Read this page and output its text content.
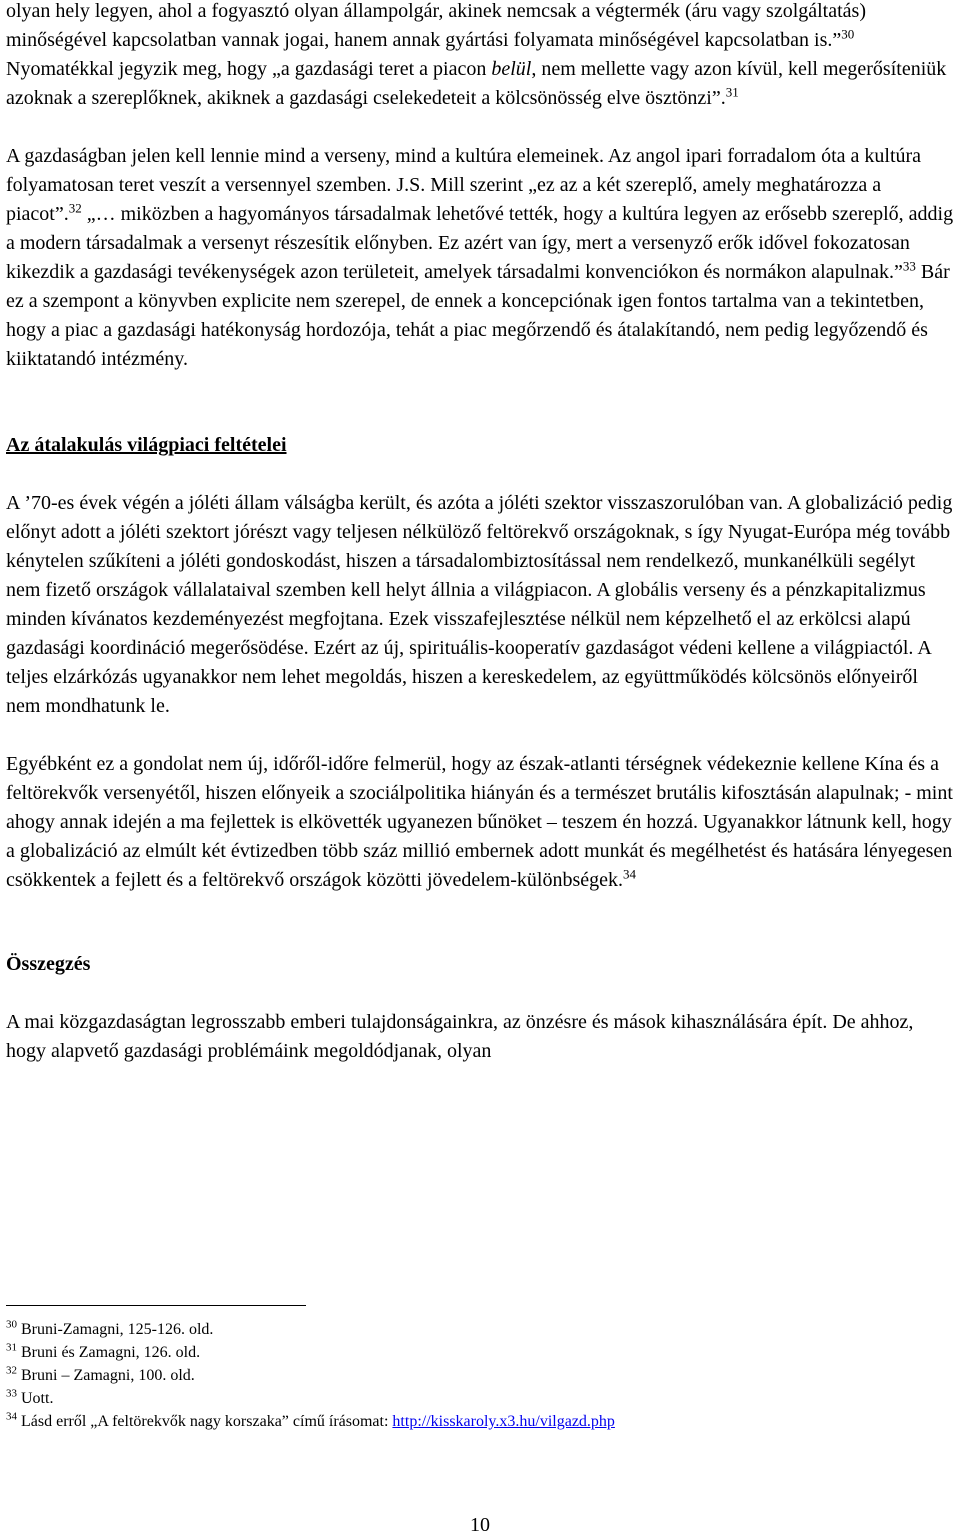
olyan hely legyen, ahol a fogyasztó olyan állampolgár, akinek nemcsak a végtermék (áru vagy szolgáltatás) minőségével kapcsolatban vannak jogai, hanem annak gyártási folyamata minőségével kapcsolatban is.”$^{30}$ Nyomatékkal jegyzik meg, hogy „a gazdasági teret a piacon belül, nem mellette vagy azon kívül, kell megerősíteniük azoknak a szereplőknek, akiknek a gazdasági cselekedeteit a kölcsönösség elve ösztönzi”.$^{31}$

A gazdaságban jelen kell lennie mind a verseny, mind a kultúra elemeinek. Az angol ipari forradalom óta a kultúra folyamatosan teret veszít a versennyel szemben. J.S. Mill szerint „ez az a két szereplő, amely meghatározza a piacot”.$^{32}$ „… miközben a hagyományos társadalmak lehetővé tették, hogy a kultúra legyen az erősebb szereplő, addig a modern társadalmak a versenyt részesítik előnyben. Ez azért van így, mert a versenyző erők idővel fokozatosan kikezdik a gazdasági tevékenységek azon területeit, amelyek társadalmi konvenciókon és normákon alapulnak.”$^{33}$ Bár ez a szempont a könyvben explicite nem szerepel, de ennek a koncepciónak igen fontos tartalma van a tekintetben, hogy a piac a gazdasági hatékonyság hordozója, tehát a piac megőrzendő és átalakítandó, nem pedig legyőzendő és kiiktatandó intézmény.

Az átalakulás világpiaci feltételei

A ’70-es évek végén a jóléti állam válságba került, és azóta a jóléti szektor visszaszorulóban van. A globalizáció pedig előnyt adott a jóléti szektort jórészt vagy teljesen nélkülöző feltörekvő országoknak, s így Nyugat-Európa még tovább kénytelen szűkíteni a jóléti gondoskodást, hiszen a társadalombiztosítással nem rendelkező, munkanélküli segélyt nem fizető országok vállalataival szemben kell helyt állnia a világpiacon. A globális verseny és a pénzkapitalizmus minden kívánatos kezdeményezést megfojtana. Ezek visszafejlesztése nélkül nem képzelhető el az erkölcsi alapú gazdasági koordináció megerősödése. Ezért az új, spirituális-kooperatív gazdaságot védeni kellene a világpiactól. A teljes elzárkózás ugyanakkor nem lehet megoldás, hiszen a kereskedelem, az együttműködés kölcsönös előnyeiről nem mondhatunk le.

Egyébként ez a gondolat nem új, időről-időre felmerül, hogy az észak-atlanti térségnek védekeznie kellene Kína és a feltörekvők versenyétől, hiszen előnyeik a szociálpolitika hiányán és a természet brutális kifosztásán alapulnak; - mint ahogy annak idején a ma fejlettek is elkövették ugyanezen bűnöket – teszem én hozzá. Ugyanakkor látnunk kell, hogy a globalizáció az elmúlt két évtizedben több száz millió embernek adott munkát és megélhetést és hatására lényegesen csökkentek a fejlett és a feltörekvő országok közötti jövedelem-különbségek.$^{34}$

Összegzés

A mai közgazdaságtan legrosszabb emberi tulajdonságainkra, az önzésre és mások kihasználására épít. De ahhoz, hogy alapvető gazdasági problémáink megoldódjanak, olyan

$^{30}$ Bruni-Zamagni, 125-126. old.
$^{31}$ Bruni és Zamagni, 126. old.
$^{32}$ Bruni – Zamagni, 100. old.
$^{33}$ Uott.
$^{34}$ Lásd erről „A feltörekvők nagy korszaka” című írásomat: http://kisskaroly.x3.hu/vilgazd.php
10
